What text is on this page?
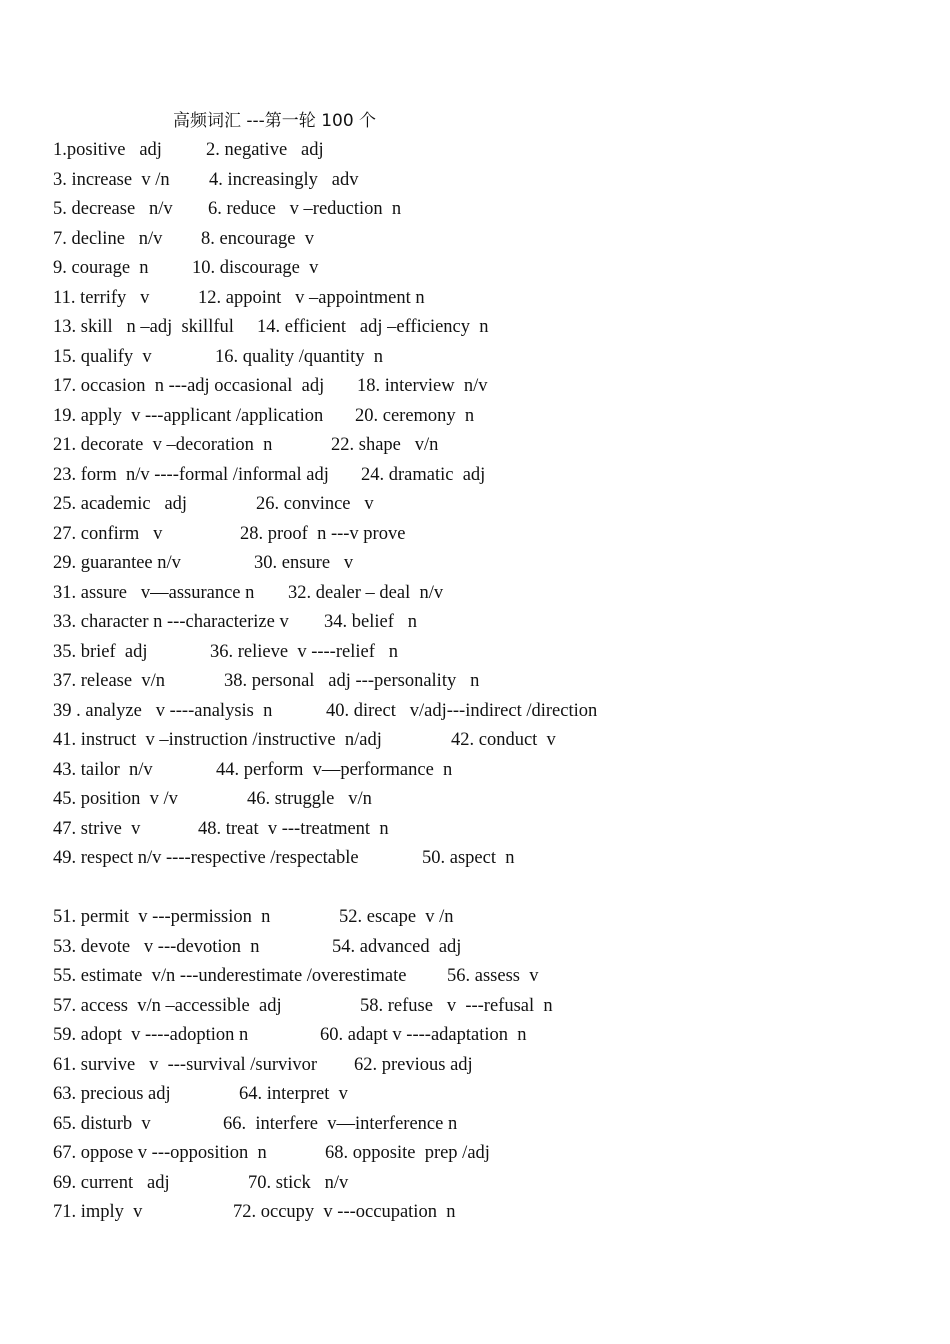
高频词汇 ---第一轮 100 个
1.positive   adj 2. negative   adj
3. increase  v /n 4. increasingly   adv
5. decrease   n/v 6. reduce   v –reduction  n
7. decline   n/v 8. encourage  v
9. courage  n 10. discourage  v
11. terrify   v	12. appoint   v –appointment n
13. skill   n –adj  skillful 14. efficient   adj –efficiency  n
15. qualify  v	16. quality /quantity  n
17. occasion  n ---adj occasional  adj 18. interview  n/v
19. apply  v ---applicant /application 20. ceremony  n
21. decorate  v –decoration  n	22. shape   v/n
23. form  n/v ----formal /informal adj 24. dramatic  adj
25. academic   adj	26. convince   v
27. confirm   v	28. proof  n ---v prove
29. guarantee n/v	30. ensure   v
31. assure   v—assurance n 32. dealer – deal  n/v
33. character n ---characterize v 34. belief   n
35. brief  adj	36. relieve  v ----relief   n
37. release  v/n	38. personal   adj ---personality   n
39 . analyze   v ----analysis  n	40. direct   v/adj---indirect /direction
41. instruct  v –instruction /instructive  n/adj	42. conduct  v
43. tailor  n/v	44. perform  v—performance  n
45. position  v /v	46. struggle   v/n
47. strive  v	48. treat  v ---treatment  n
49. respect n/v ----respective /respectable	50. aspect  n
51. permit  v ---permission  n	52. escape  v /n
53. devote   v ---devotion  n	54. advanced  adj
55. estimate  v/n ---underestimate /overestimate 56. assess  v
57. access  v/n –accessible  adj	58. refuse   v  ---refusal  n
59. adopt  v ----adoption n	60. adapt v ----adaptation  n
61. survive   v  ---survival /survivor 62. previous adj
63. precious adj	64. interpret  v
65. disturb  v	66.  interfere  v—interference n
67. oppose v ---opposition  n	68. opposite  prep /adj
69. current   adj	70. stick   n/v
71. imply  v	72. occupy  v ---occupation  n
